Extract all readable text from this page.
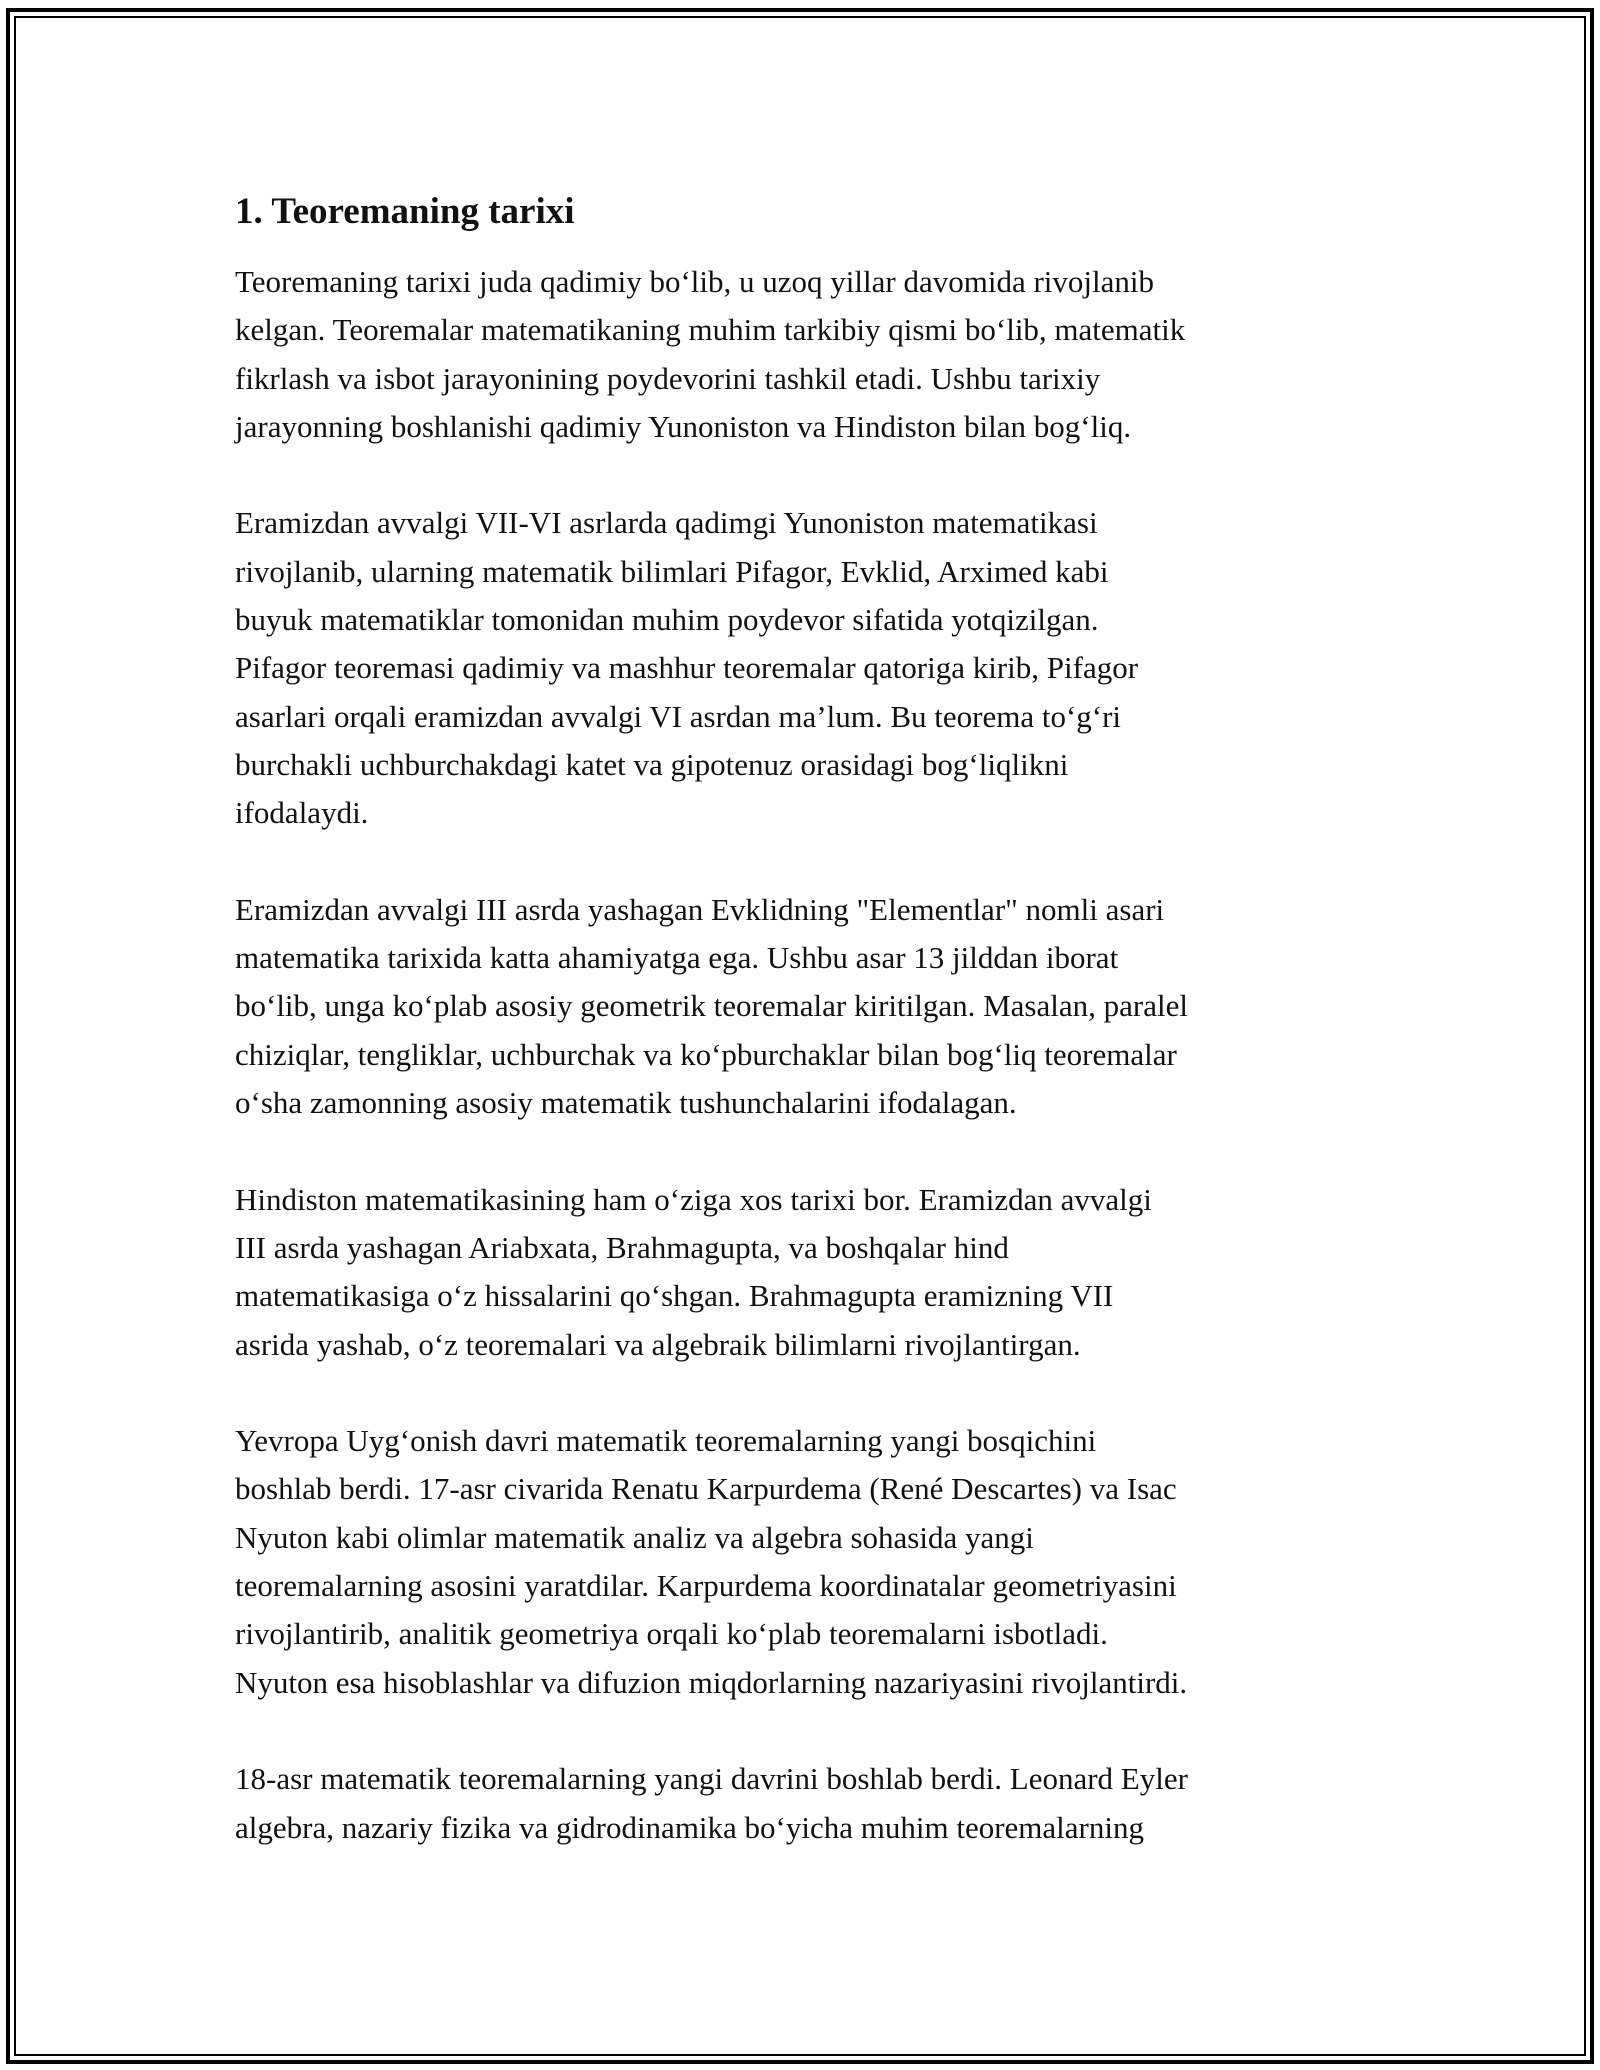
1. Teoremaning tarixi

Teoremaning tarixi juda qadimiy bo‘lib, u uzoq yillar davomida rivojlanib
kelgan. Teoremalar matematikaning muhim tarkibiy qismi bo‘lib, matematik
fikrlash va isbot jarayonining poydevorini tashkil etadi. Ushbu tarixiy
jarayonning boshlanishi qadimiy Yunoniston va Hindiston bilan bog‘liq.

Eramizdan avvalgi VII-VI asrlarda qadimgi Yunoniston matematikasi
rivojlanib, ularning matematik bilimlari Pifagor, Evklid, Arximed kabi
buyuk matematiklar tomonidan muhim poydevor sifatida yotqizilgan.
Pifagor teoremasi qadimiy va mashhur teoremalar qatoriga kirib, Pifagor
asarlari orqali eramizdan avvalgi VI asrdan ma’lum. Bu teorema to‘g‘ri
burchakli uchburchakdagi katet va gipotenuz orasidagi bog‘liqlikni
ifodalaydi.

Eramizdan avvalgi III asrda yashagan Evklidning "Elementlar" nomli asari
matematika tarixida katta ahamiyatga ega. Ushbu asar 13 jilddan iborat
bo‘lib, unga ko‘plab asosiy geometrik teoremalar kiritilgan. Masalan, paralel
chiziqlar, tengliklar, uchburchak va ko‘pburchaklar bilan bog‘liq teoremalar
o‘sha zamonning asosiy matematik tushunchalarini ifodalagan.

Hindiston matematikasining ham o‘ziga xos tarixi bor. Eramizdan avvalgi
III asrda yashagan Ariabxata, Brahmagupta, va boshqalar hind
matematikasiga o‘z hissalarini qo‘shgan. Brahmagupta eramizning VII
asrida yashab, o‘z teoremalari va algebraik bilimlarni rivojlantirgan.

Yevropa Uyg‘onish davri matematik teoremalarning yangi bosqichini
boshlab berdi. 17-asr civarida Renatu Karpurdema (René Descartes) va Isac
Nyuton kabi olimlar matematik analiz va algebra sohasida yangi
teoremalarning asosini yaratdilar. Karpurdema koordinatalar geometriyasini
rivojlantirib, analitik geometriya orqali ko‘plab teoremalarni isbotladi.
Nyuton esa hisoblashlar va difuzion miqdorlarning nazariyasini rivojlantirdi.

18-asr matematik teoremalarning yangi davrini boshlab berdi. Leonard Eyler
algebra, nazariy fizika va gidrodinamika bo‘yicha muhim teoremalarning
